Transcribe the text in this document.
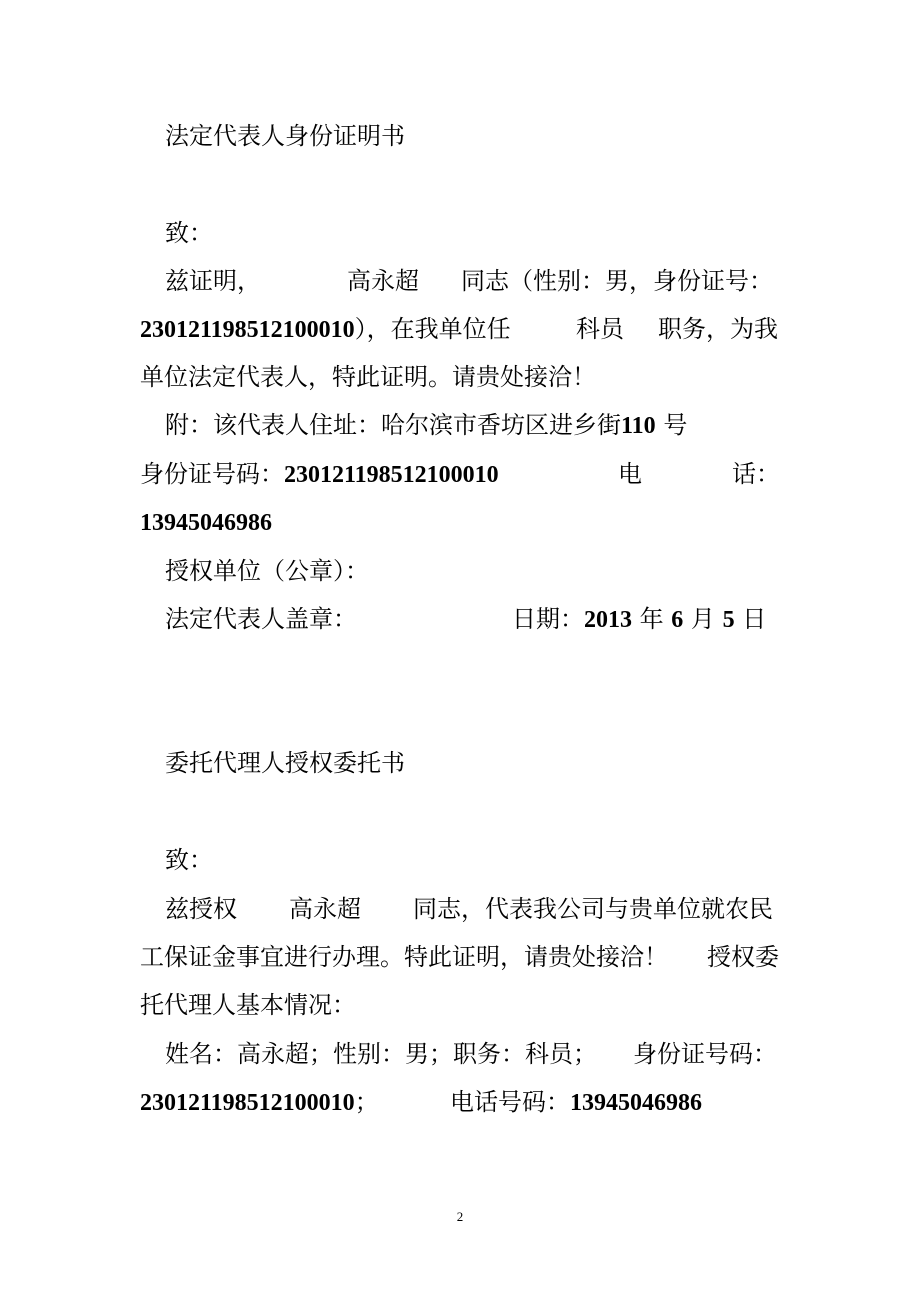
法定代表人身份证明书
致：
兹证明，	高永超 同志（性别：男，身份证号：
230121198512100010），在我单位任	科员 职务，为我
单位法定代表人，特此证明。请贵处接洽！
附：该代表人住址：哈尔滨市香坊区进乡街110 号
身份证号码：230121198512100010	电	话：
13945046986
授权单位（公章）：
法定代表人盖章：	日期：2013 年 6 月 5 日
委托代理人授权委托书
致：
兹授权 高永超 同志，代表我公司与贵单位就农民
工保证金事宜进行办理。特此证明，请贵处接洽！ 授权委
托代理人基本情况：
姓名：高永超；性别：男；职务：科员； 身份证号码：
230121198512100010；	电话号码：13945046986
2
